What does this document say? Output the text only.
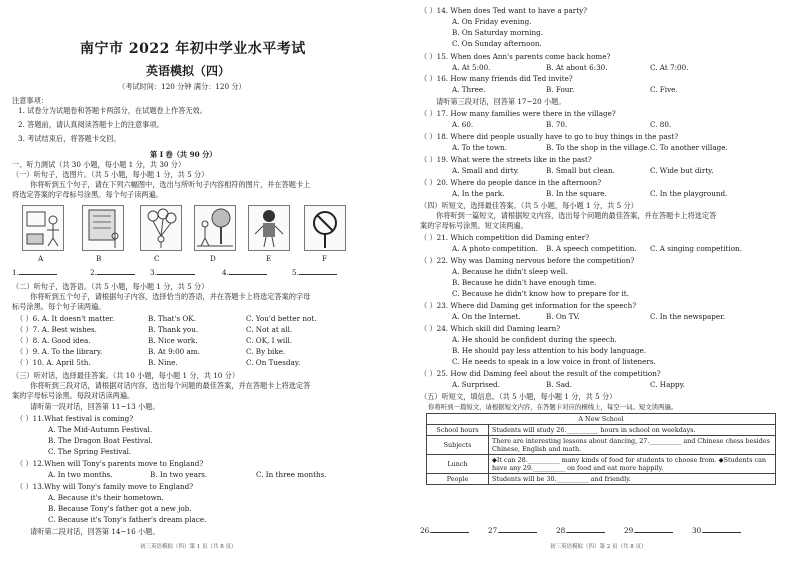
南宁市 2022 年初中学业水平考试
英语模拟（四）
（考试时间：120 分钟 满分：120 分）
注意事项：
1. 试卷分为试题卷和答题卡两部分，在试题卷上作答无效。
2. 答题前，请认真阅读答题卡上的注意事项。
3. 考试结束后，将答题卡交回。
第 I 卷（共 90 分）
一、听力测试（共 30 小题，每小题 1 分，共 30 分）
（一）听句子，选图片。（共 5 小题，每小题 1 分，共 5 分）
你将听到五个句子，请在下列六幅图中，选出与所听句子内容相符的图片，并在答题卡上
将选定答案的字母标号涂黑。每个句子读两遍。
A	B	C	D	E	F
1.	2.	3.	4.	5.
（二）听句子，选答语。（共 5 小题，每小题 1 分，共 5 分）
你将听到五个句子，请根据句子内容，选择恰当的答语，并在答题卡上将选定答案的字母
标号涂黑。每个句子读两遍。
（ ）6. A. It doesn't matter.	B. That's OK.	C. You'd better not.
（ ）7. A. Best wishes.	B. Thank you.	C. Not at all.
（ ）8. A. Good idea.	B. Nice work.	C. OK, I will.
（ ）9. A. To the library.	B. At 9:00 am.	C. By bike.
（ ）10. A. April 5th.	B. Nine.	C. On Tuesday.
（三）听对话，选择最佳答案。（共 10 小题，每小题 1 分，共 10 分）
你将听到三段对话，请根据对话内容，选出每个问题的最佳答案，并在答题卡上将选定答
案的字母标号涂黑。每段对话读两遍。
请听第一段对话，回答第 11~13 小题。
（ ）11.What festival is coming?
A. The Mid-Autumn Festival.
B. The Dragon Boat Festival.
C. The Spring Festival.
（ ）12.When will Tony's parents move to England?
A. In two months.	B. In two years.	C. In three months.
（ ）13.Why will Tony's family move to England?
A. Because it's their hometown.
B. Because Tony's father got a new job.
C. Because it's Tony's father's dream place.
请听第二段对话，回答第 14~16 小题。
初三英语模拟（四）第 1 页（共 8 页）
（ ）14. When does Ted want to have a party?
A. On Friday evening.
B. On Saturday morning.
C. On Sunday afternoon.
（ ）15. When does Ann's parents come back home?
A. At 5:00.	B. At about 6:30.	C. At 7:00.
（ ）16. How many friends did Ted invite?
A. Three.	B. Four.	C. Five.
请听第三段对话，回答第 17~20 小题。
（ ）17. How many families were there in the village?
A. 60.	B. 70.	C. 80.
（ ）18. Where did people usually have to go to buy things in the past?
A. To the town.	B. To the shop in the village. C. To another village.
（ ）19. What were the streets like in the past?
A. Small and dirty.	B. Small but clean.	C. Wide but dirty.
（ ）20. Where do people dance in the afternoon?
A. In the park.	B. In the square.	C. In the playground.
（四）听短文，选择最佳答案。（共 5 小题，每小题 1 分，共 5 分）
你将听到一篇短文，请根据短文内容，选出每个问题的最佳答案，并在答题卡上将选定答
案的字母标号涂黑。短文读两遍。
（ ）21. Which competition did Daming enter?
A. A photo competition. B. A speech competition. C. A singing competition.
（ ）22. Why was Daming nervous before the competition?
A. Because he didn't sleep well.
B. Because he didn't have enough time.
C. Because he didn't know how to prepare for it.
（ ）23. Where did Daming get information for the speech?
A. On the Internet.	B. On TV.	C. In the newspaper.
（ ）24. Which skill did Daming learn?
A. He should be confident during the speech.
B. He should pay less attention to his body language.
C. He needs to speak in a low voice in front of listeners.
（ ）25. How did Daming feel about the result of the competition?
A. Surprised.	B. Sad.	C. Happy.
（五）听短文，填信息。（共 5 小题，每小题 1 分，共 5 分）
你将听到一篇短文，请根据短文内容，在答题卡对应的横线上，每空一词。短文读两遍。
A New School	
School hours	Students will study 26.__________ hours in school on weekdays.
Subjects	There are interesting lessons about dancing, 27.__________ and Chinese chess besides Chinese, English and math.
Lunch	◆It can 28.__________ many kinds of food for students to choose from. ◆Students can have any 29.__________ on food and eat more happily.
People	Students will be 30.__________ and friendly.
26.	27.	28.	29.	30.
初三英语模拟（四）第 2 页（共 8 页）
